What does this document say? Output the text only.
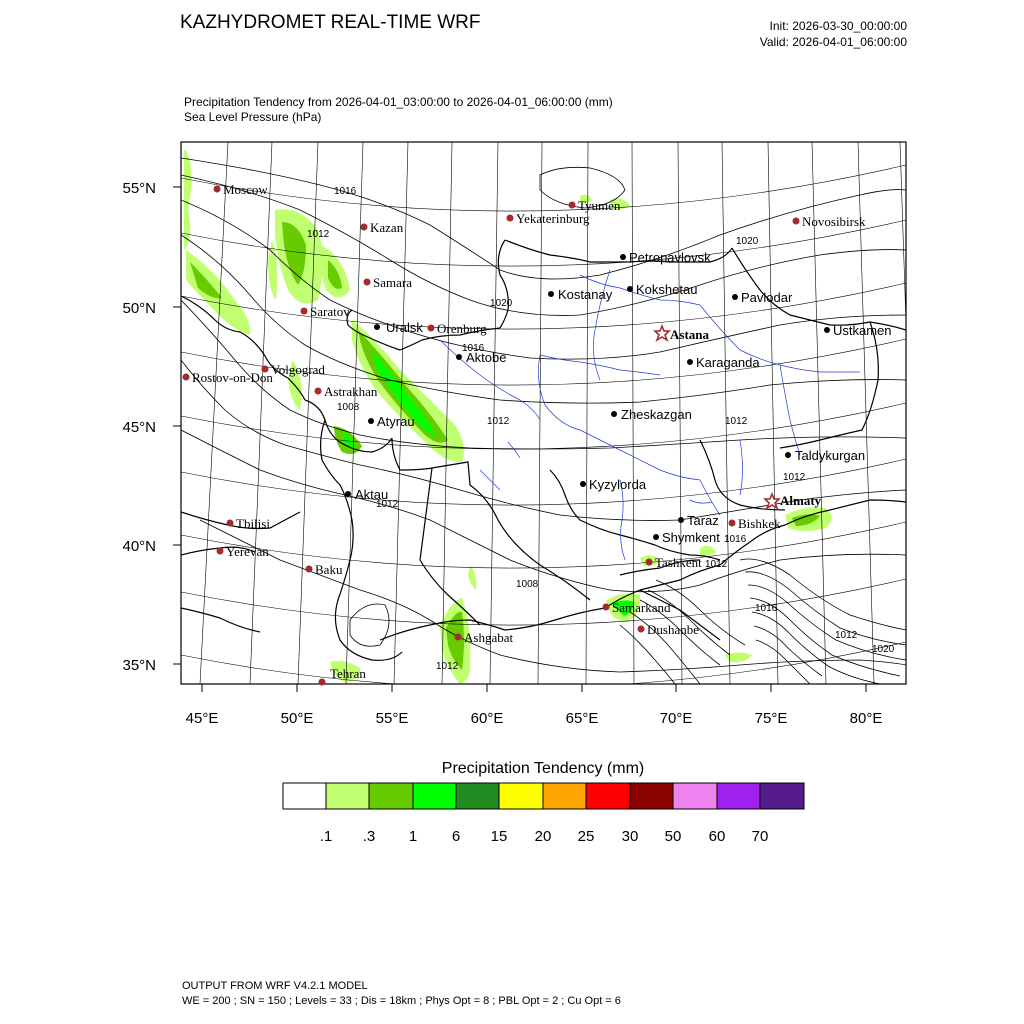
KAZHYDROMET REAL-TIME WRF	Init: 2026-03-30_00:00:00
Valid: 2026-04-01_06:00:00
Precipitation Tendency from 2026-04-01_03:00:00 to 2026-04-01_06:00:00 (mm)
Sea Level Pressure (hPa)
55°N
50°N
45°N
40°N
35°N
45°E	50°E	55°E	60°E	65°E	70°E	75°E	80°E
1016
1012
1020
1016
1008
1012
1012
1020
1012
1012
1016
1012
1008
1016
1012
1020
1012
Moscow
Kazan
Tyumen
Yekaterinburg	Novosibirsk
Samara
Saratov
Orenburg
Volgograd
Rostov-on-Don
Astrakhan
Tbilisi
Yerevan
Baku
Ashgabat
Tehran
Samarkand
Dushanbe
Tashkent
Bishkek
Astana
Almaty
Uralsk
Aktobe
Atyrau
Aktau
Kostanay
Petropavlovsk
Kokshetau
Pavlodar
Ustkamen
Karaganda
Zheskazgan
Kyzylorda
Taldykurgan
Taraz
Shymkent
.1 .3 1 6 15 20 25 30 50 60 70
Precipitation Tendency (mm)
OUTPUT FROM WRF V4.2.1 MODEL
WE = 200 ; SN = 150 ; Levels = 33 ; Dis = 18km ; Phys Opt = 8 ; PBL Opt = 2 ; Cu Opt = 6
